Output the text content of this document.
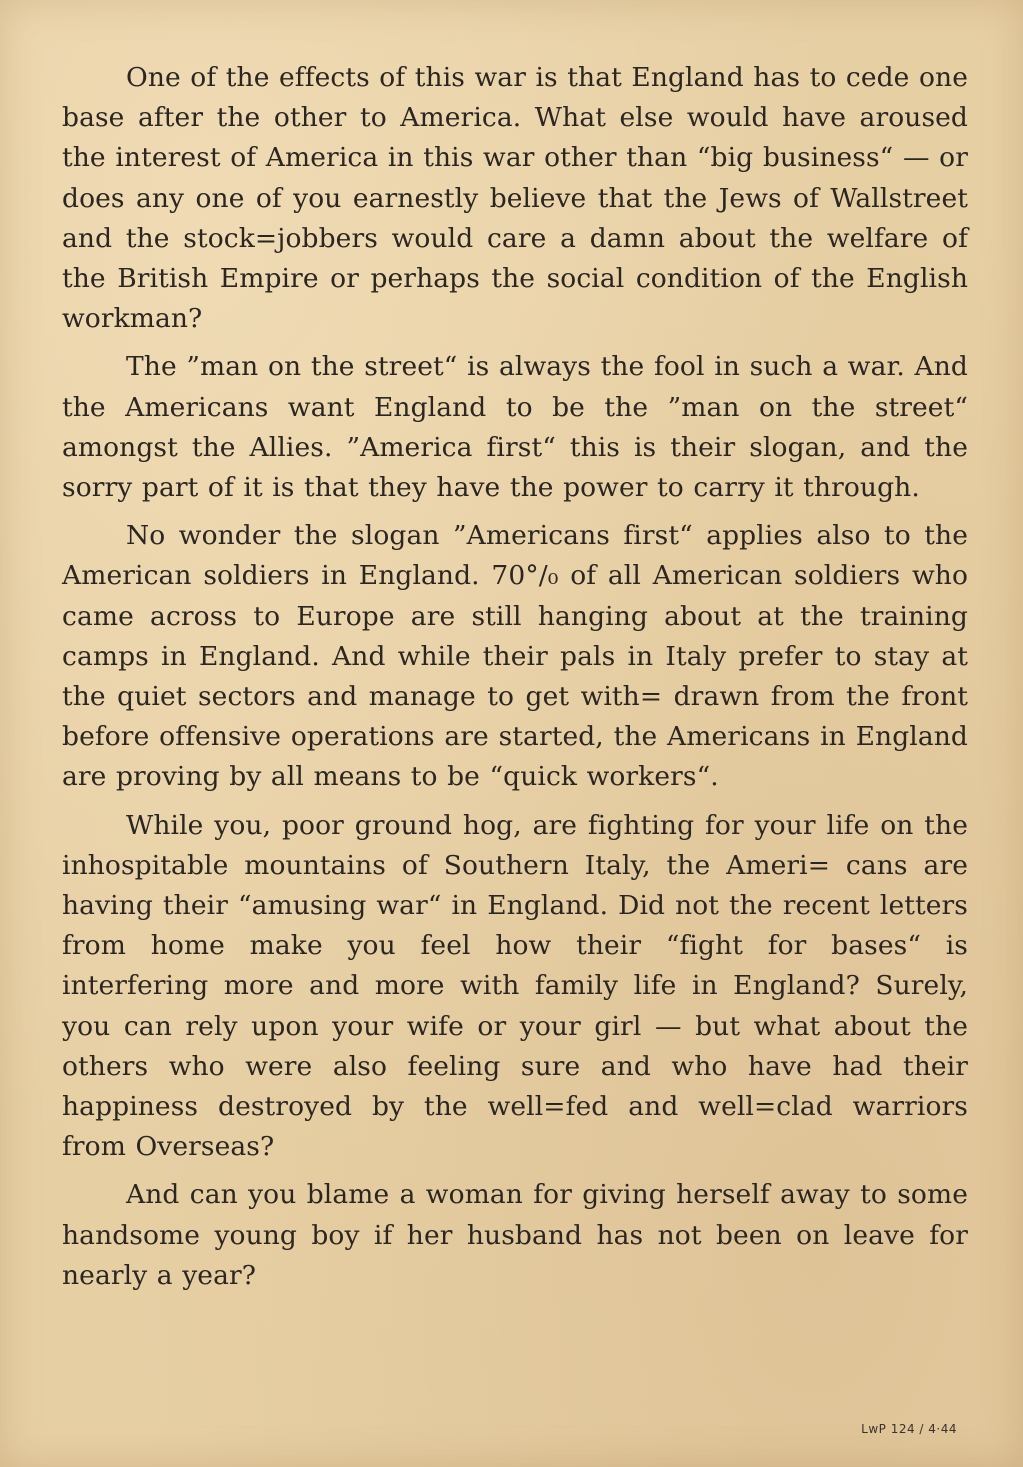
One of the effects of this war is that England has to cede one base after the other to America. What else would have aroused the interest of America in this war other than “big business“ — or does any one of you earnestly believe that the Jews of Wallstreet and the stock=jobbers would care a damn about the welfare of the British Empire or perhaps the social condition of the English workman?

The ”man on the street“ is always the fool in such a war. And the Americans want England to be the ”man on the street“ amongst the Allies. ”America first“ this is their slogan, and the sorry part of it is that they have the power to carry it through.

No wonder the slogan ”Americans first“ applies also to the American soldiers in England. 70°/₀ of all American soldiers who came across to Europe are still hanging about at the training camps in England. And while their pals in Italy prefer to stay at the quiet sectors and manage to get with= drawn from the front before offensive operations are started, the Americans in England are proving by all means to be “quick workers“.

While you, poor ground hog, are fighting for your life on the inhospitable mountains of Southern Italy, the Ameri= cans are having their “amusing war“ in England. Did not the recent letters from home make you feel how their “fight for bases“ is interfering more and more with family life in England? Surely, you can rely upon your wife or your girl — but what about the others who were also feeling sure and who have had their happiness destroyed by the well=fed and well=clad warriors from Overseas?

And can you blame a woman for giving herself away to some handsome young boy if her husband has not been on leave for nearly a year?

LwP 124 / 4·44
